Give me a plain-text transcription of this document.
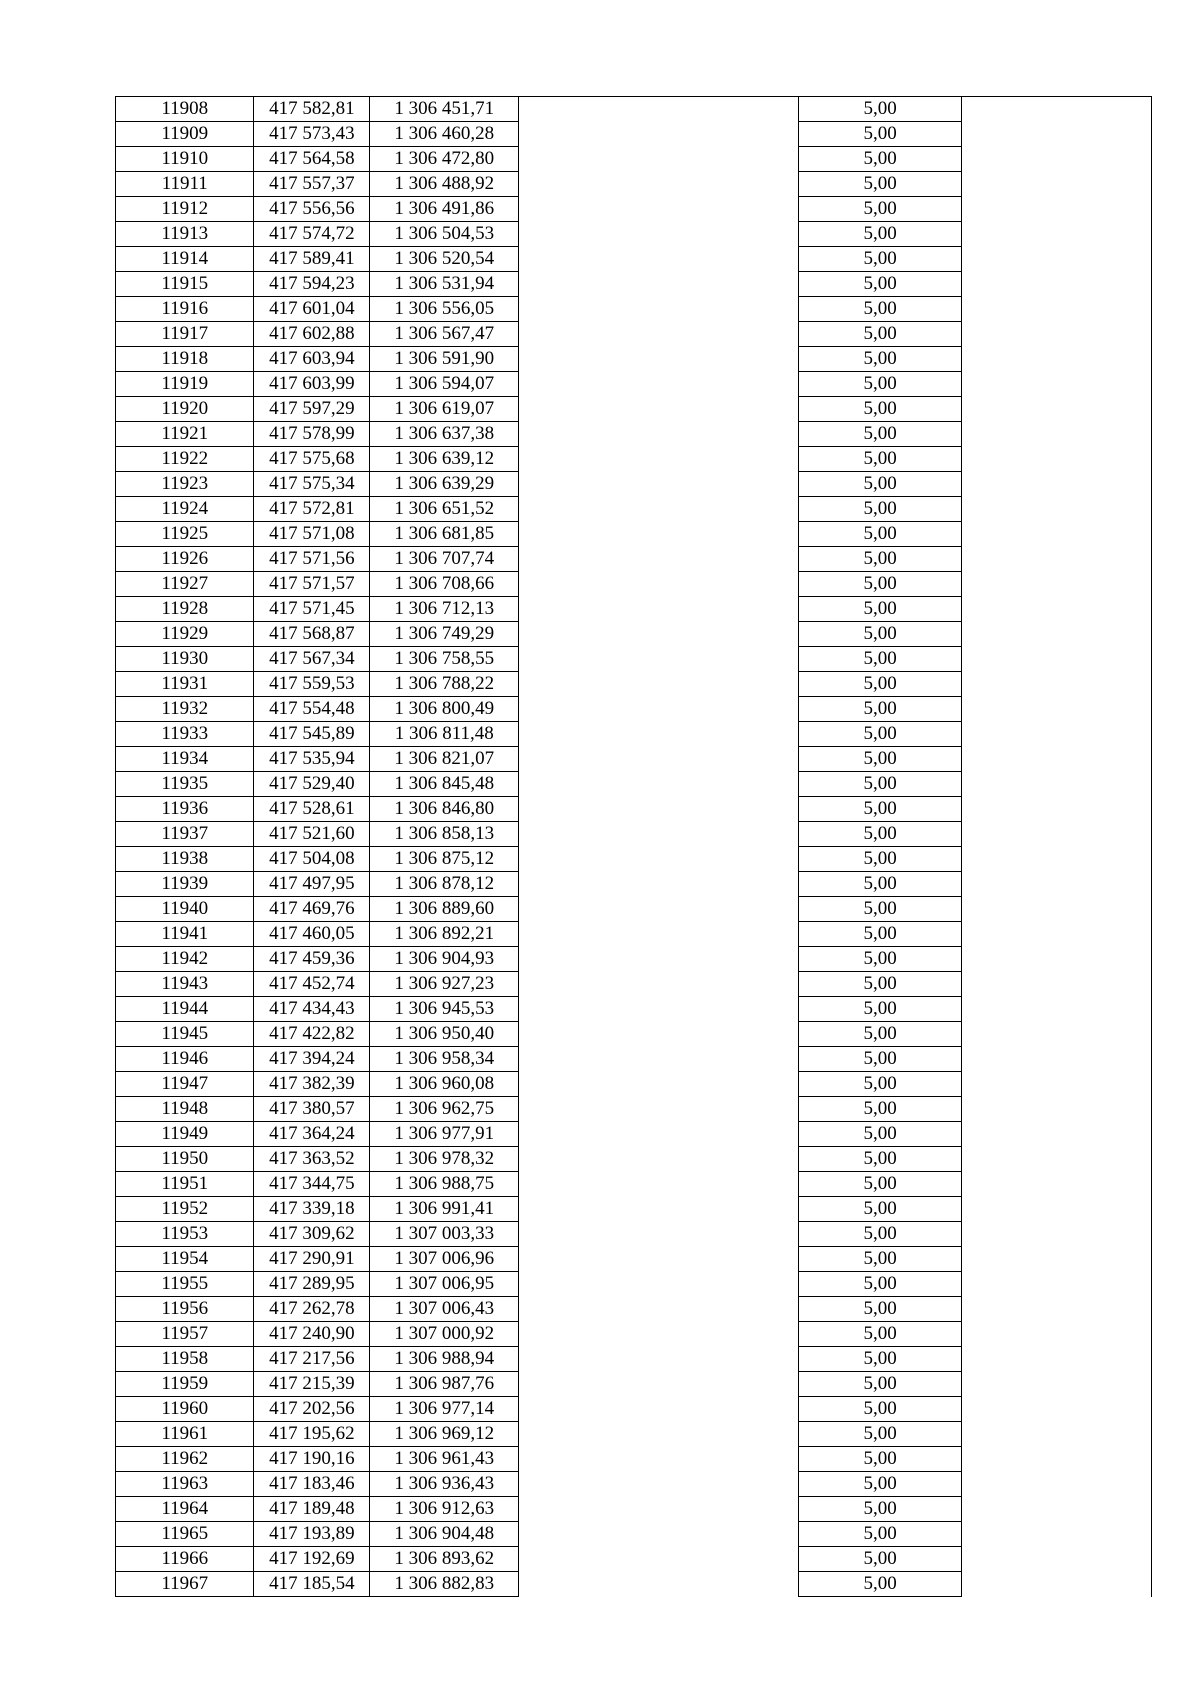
11908	417 582,81	1 306 451,71		5,00	
11909	417 573,43	1 306 460,28		5,00	
11910	417 564,58	1 306 472,80		5,00	
11911	417 557,37	1 306 488,92		5,00	
11912	417 556,56	1 306 491,86		5,00	
11913	417 574,72	1 306 504,53		5,00	
11914	417 589,41	1 306 520,54		5,00	
11915	417 594,23	1 306 531,94		5,00	
11916	417 601,04	1 306 556,05		5,00	
11917	417 602,88	1 306 567,47		5,00	
11918	417 603,94	1 306 591,90		5,00	
11919	417 603,99	1 306 594,07		5,00	
11920	417 597,29	1 306 619,07		5,00	
11921	417 578,99	1 306 637,38		5,00	
11922	417 575,68	1 306 639,12		5,00	
11923	417 575,34	1 306 639,29		5,00	
11924	417 572,81	1 306 651,52		5,00	
11925	417 571,08	1 306 681,85		5,00	
11926	417 571,56	1 306 707,74		5,00	
11927	417 571,57	1 306 708,66		5,00	
11928	417 571,45	1 306 712,13		5,00	
11929	417 568,87	1 306 749,29		5,00	
11930	417 567,34	1 306 758,55		5,00	
11931	417 559,53	1 306 788,22		5,00	
11932	417 554,48	1 306 800,49		5,00	
11933	417 545,89	1 306 811,48		5,00	
11934	417 535,94	1 306 821,07		5,00	
11935	417 529,40	1 306 845,48		5,00	
11936	417 528,61	1 306 846,80		5,00	
11937	417 521,60	1 306 858,13		5,00	
11938	417 504,08	1 306 875,12		5,00	
11939	417 497,95	1 306 878,12		5,00	
11940	417 469,76	1 306 889,60		5,00	
11941	417 460,05	1 306 892,21		5,00	
11942	417 459,36	1 306 904,93		5,00	
11943	417 452,74	1 306 927,23		5,00	
11944	417 434,43	1 306 945,53		5,00	
11945	417 422,82	1 306 950,40		5,00	
11946	417 394,24	1 306 958,34		5,00	
11947	417 382,39	1 306 960,08		5,00	
11948	417 380,57	1 306 962,75		5,00	
11949	417 364,24	1 306 977,91		5,00	
11950	417 363,52	1 306 978,32		5,00	
11951	417 344,75	1 306 988,75		5,00	
11952	417 339,18	1 306 991,41		5,00	
11953	417 309,62	1 307 003,33		5,00	
11954	417 290,91	1 307 006,96		5,00	
11955	417 289,95	1 307 006,95		5,00	
11956	417 262,78	1 307 006,43		5,00	
11957	417 240,90	1 307 000,92		5,00	
11958	417 217,56	1 306 988,94		5,00	
11959	417 215,39	1 306 987,76		5,00	
11960	417 202,56	1 306 977,14		5,00	
11961	417 195,62	1 306 969,12		5,00	
11962	417 190,16	1 306 961,43		5,00	
11963	417 183,46	1 306 936,43		5,00	
11964	417 189,48	1 306 912,63		5,00	
11965	417 193,89	1 306 904,48		5,00	
11966	417 192,69	1 306 893,62		5,00	
11967	417 185,54	1 306 882,83		5,00	
